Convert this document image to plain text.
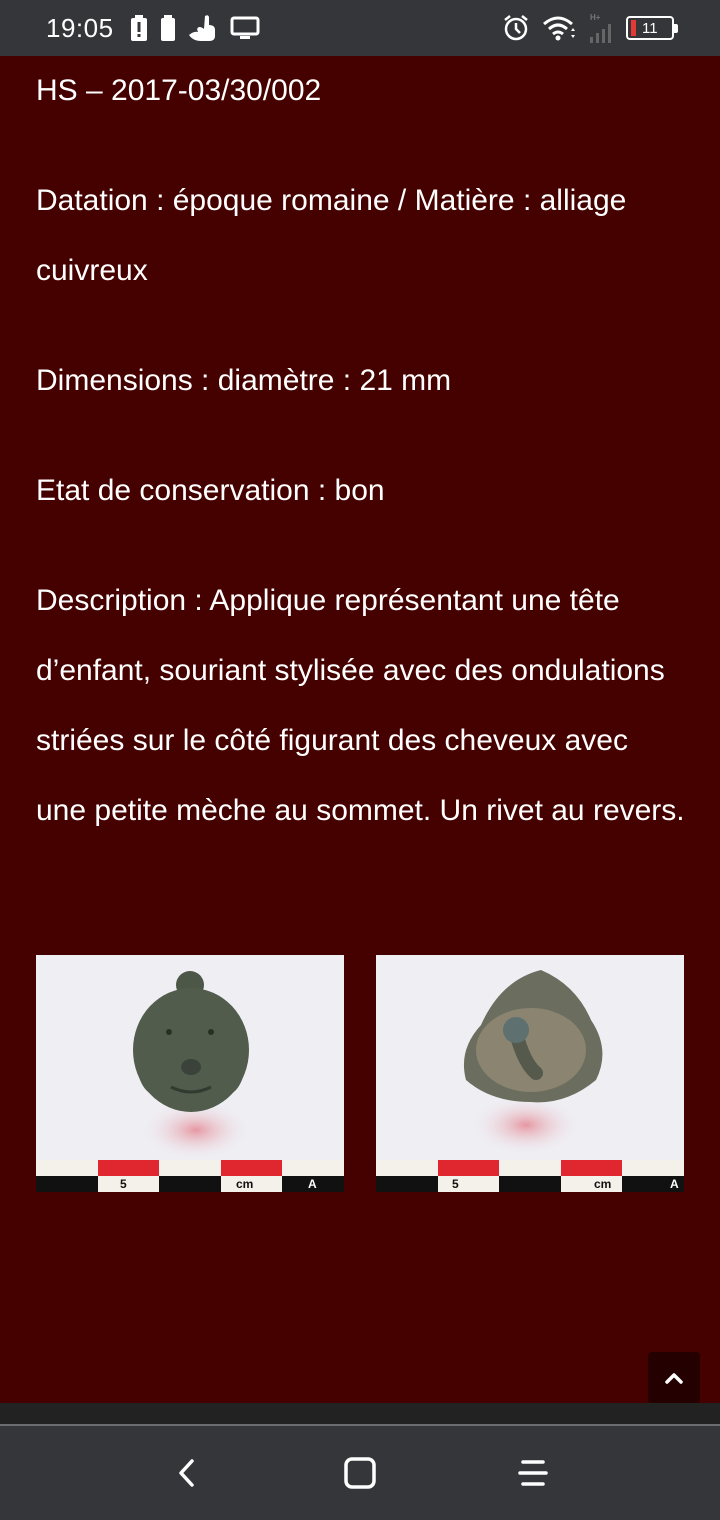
19:05	H+
11

HS – 2017-03/30/002

Datation : époque romaine / Matière : alliage cuivreux

Dimensions : diamètre : 21 mm

Etat de conservation : bon

Description : Applique représentant une tête d’enfant, souriant stylisée avec des ondulations striées sur le côté figurant des cheveux avec une petite mèche au sommet. Un rivet au revers.

5	cm	A	5	cm	A
